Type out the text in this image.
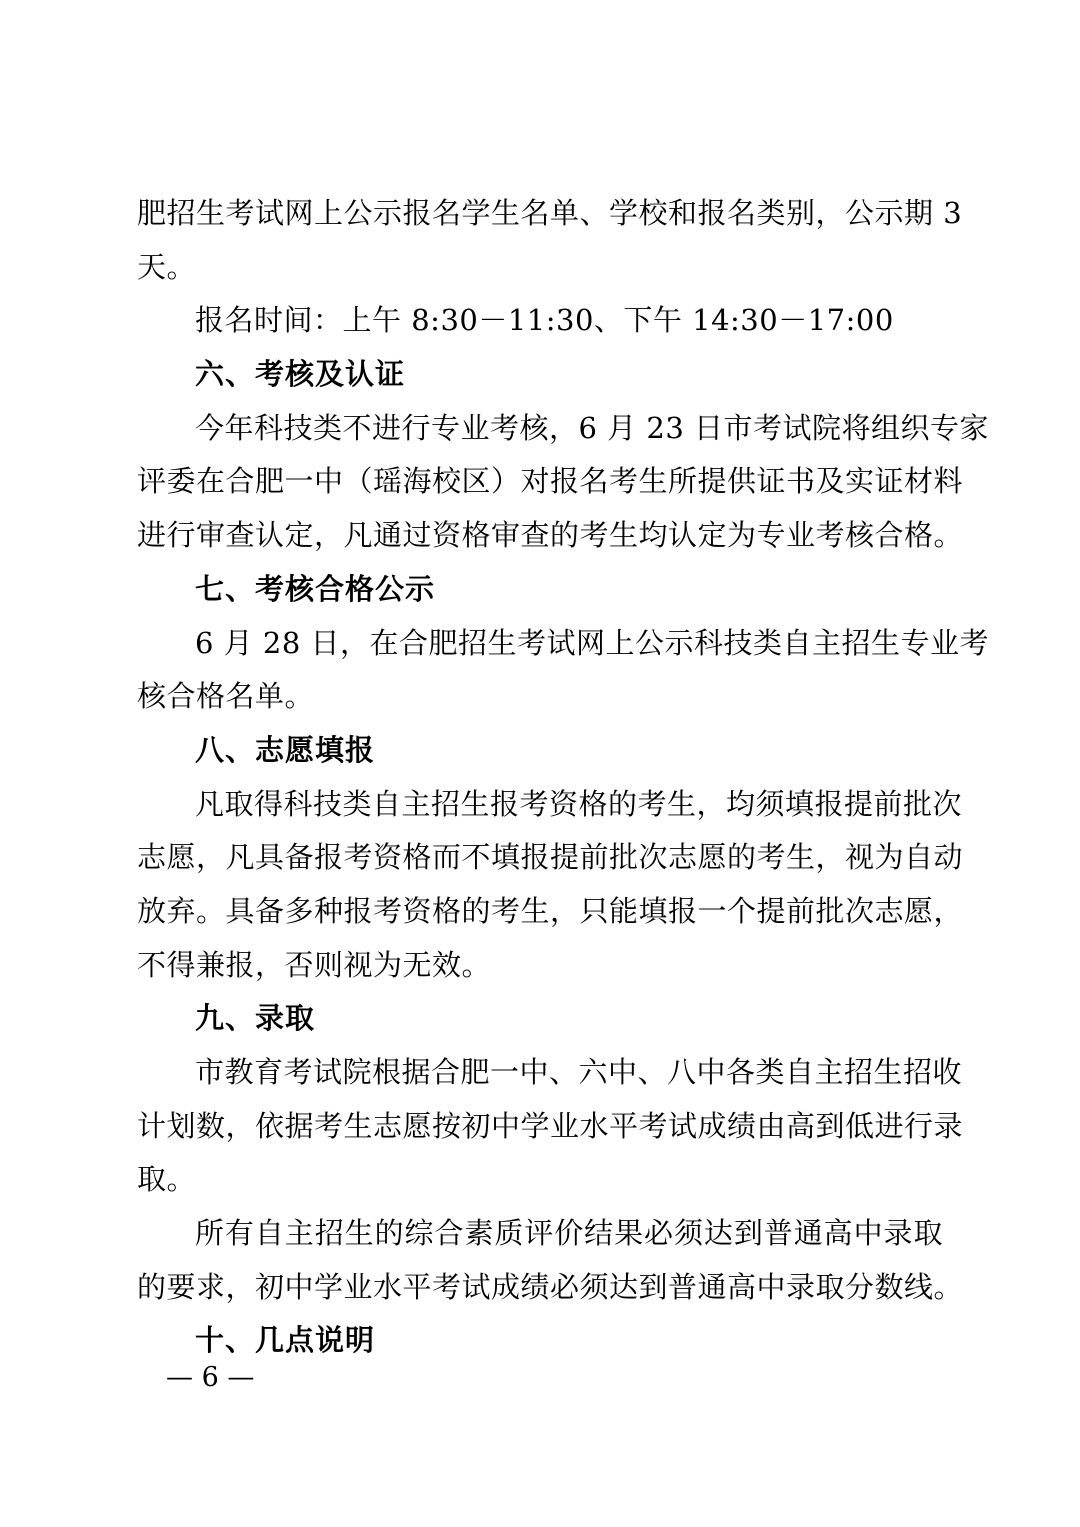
肥招生考试网上公示报名学生名单、学校和报名类别，公示期 3
天。
报名时间：上午 8:30－11:30、下午 14:30－17:00
六、考核及认证
今年科技类不进行专业考核，6 月 23 日市考试院将组织专家
评委在合肥一中（瑶海校区）对报名考生所提供证书及实证材料
进行审查认定，凡通过资格审查的考生均认定为专业考核合格。
七、考核合格公示
6 月 28 日，在合肥招生考试网上公示科技类自主招生专业考
核合格名单。
八、志愿填报
凡取得科技类自主招生报考资格的考生，均须填报提前批次
志愿，凡具备报考资格而不填报提前批次志愿的考生，视为自动
放弃。具备多种报考资格的考生，只能填报一个提前批次志愿，
不得兼报，否则视为无效。
九、录取
市教育考试院根据合肥一中、六中、八中各类自主招生招收
计划数，依据考生志愿按初中学业水平考试成绩由高到低进行录
取。
所有自主招生的综合素质评价结果必须达到普通高中录取
的要求，初中学业水平考试成绩必须达到普通高中录取分数线。
十、几点说明
— 6 —
